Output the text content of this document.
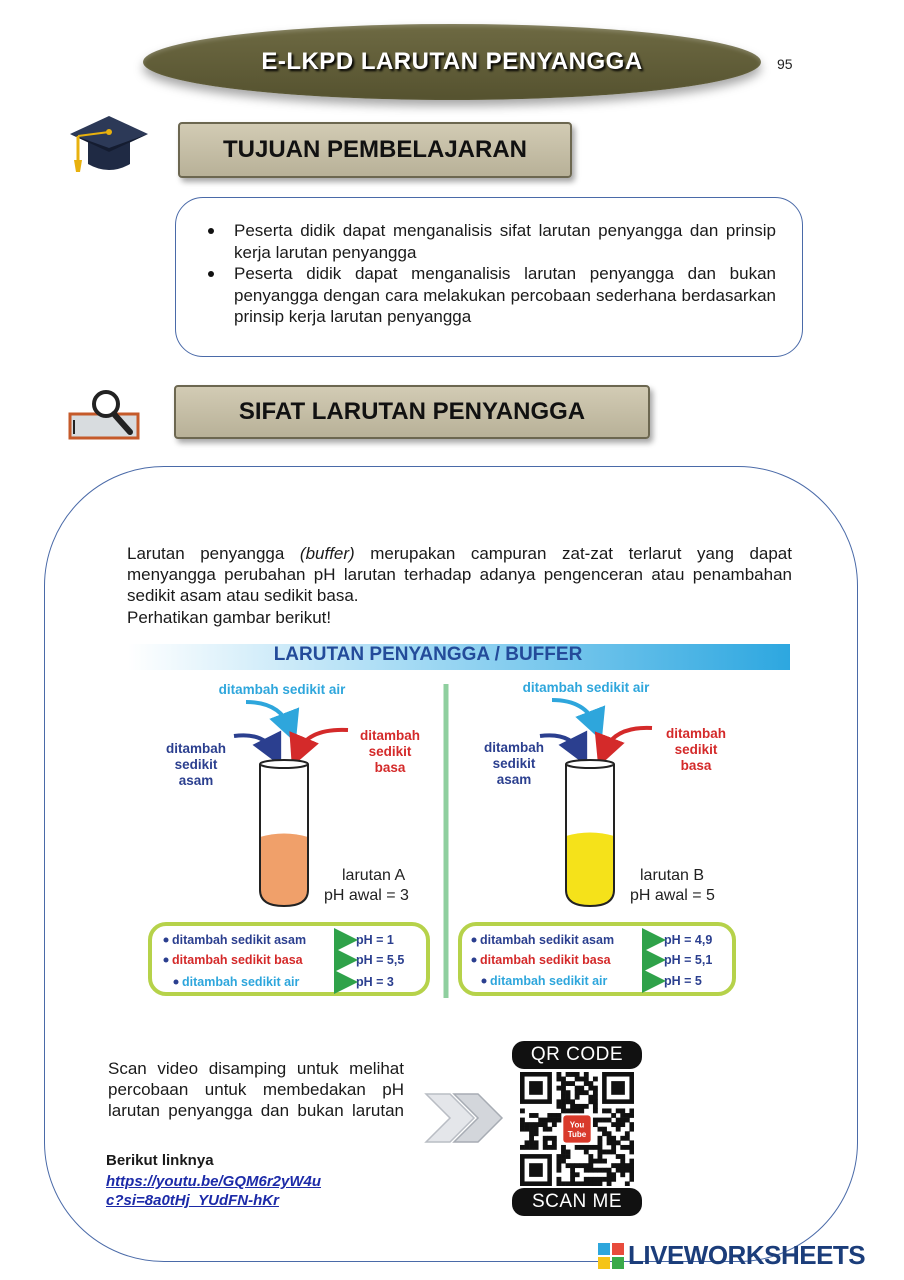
E-LKPD LARUTAN PENYANGGA	95
TUJUAN PEMBELAJARAN
Peserta didik dapat menganalisis sifat larutan penyangga dan prinsip kerja larutan penyangga
Peserta didik dapat menganalisis larutan penyangga dan bukan penyangga dengan cara melakukan percobaan sederhana berdasarkan prinsip kerja larutan penyangga
SIFAT LARUTAN PENYANGGA

Larutan penyangga (buffer) merupakan campuran zat-zat terlarut yang dapat menyangga perubahan pH larutan terhadap adanya pengenceran atau penambahan sedikit asam atau sedikit basa.

Perhatikan gambar berikut!

LARUTAN PENYANGGA / BUFFER
ditambah sedikit air
ditambah
sedikit
asam
ditambah
sedikit
basa
larutan A
pH awal = 3
ditambah sedikit asam
ditambah sedikit basa
ditambah sedikit air
pH = 1
pH = 5,5
pH = 3
ditambah sedikit air
ditambah
sedikit
asam
ditambah
sedikit
basa
larutan B
pH awal = 5
ditambah sedikit asam
ditambah sedikit basa
ditambah sedikit air
pH = 4,9
pH = 5,1
pH = 5

Scan video disamping untuk melihat percobaan untuk membedakan pH larutan penyangga dan bukan larutan

Berikut linknya
https://youtu.be/GQM6r2yW4u
c?si=8a0tHj_YUdFN-hKr
QR CODE
You
Tube
SCAN ME
LIVEWORKSHEETS
